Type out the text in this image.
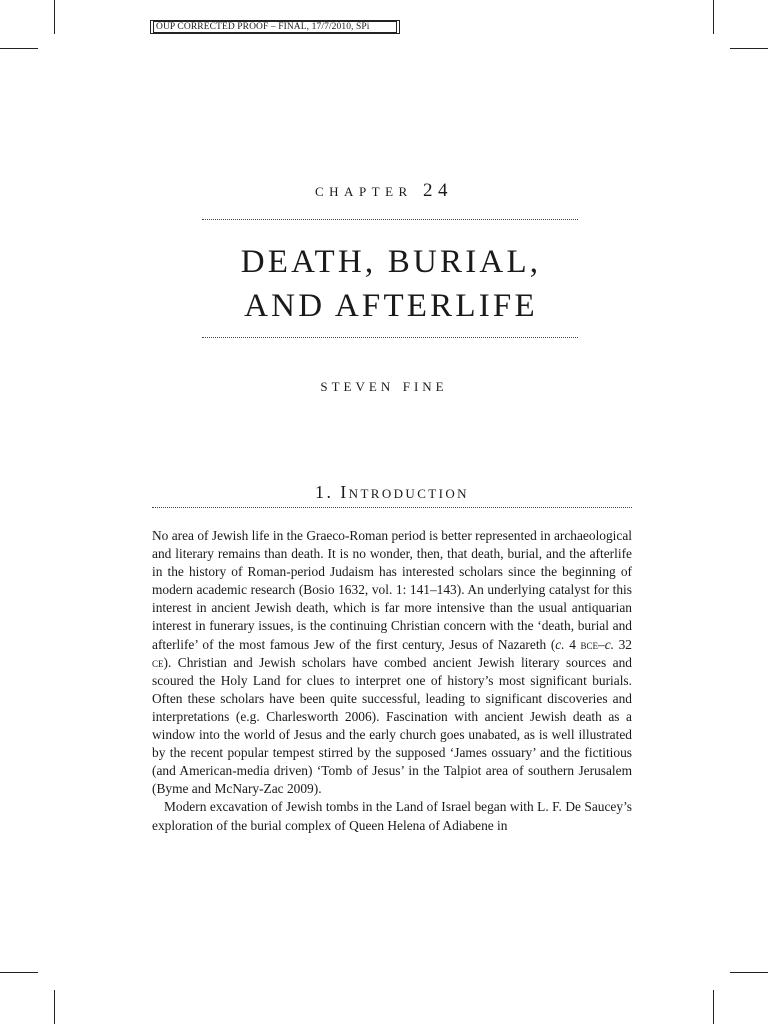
OUP CORRECTED PROOF – FINAL, 17/7/2010, SPi
chapter 24
DEATH, BURIAL,
AND AFTERLIFE
steven fine
1. Introduction

No area of Jewish life in the Graeco-Roman period is better represented in archaeological and literary remains than death. It is no wonder, then, that death, burial, and the afterlife in the history of Roman-period Judaism has interested scholars since the beginning of modern academic research (Bosio 1632, vol. 1: 141–143). An underlying catalyst for this interest in ancient Jewish death, which is far more intensive than the usual antiquarian interest in funerary issues, is the continuing Christian concern with the ‘death, burial and afterlife’ of the most famous Jew of the first century, Jesus of Nazareth (c. 4 bce–c. 32 ce). Christian and Jewish scholars have combed ancient Jewish literary sources and scoured the Holy Land for clues to interpret one of history’s most significant burials. Often these scholars have been quite successful, leading to significant discoveries and interpretations (e.g. Charlesworth 2006). Fascination with ancient Jewish death as a window into the world of Jesus and the early church goes unabated, as is well illustrated by the recent popular tempest stirred by the supposed ‘James ossuary’ and the fictitious (and American-media driven) ‘Tomb of Jesus’ in the Talpiot area of southern Jerusalem (Byme and McNary-Zac 2009).

Modern excavation of Jewish tombs in the Land of Israel began with L. F. De Saucey’s exploration of the burial complex of Queen Helena of Adiabene in
